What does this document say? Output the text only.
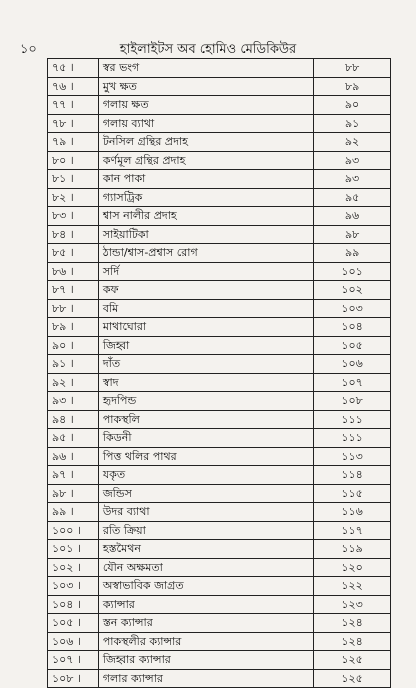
১০	হাইলাইটস অব হোমিও মেডিকিউর
৭৫ ।	স্বর ভংগ	৮৮
৭৬ ।	মুখ ক্ষত	৮৯
৭৭ ।	গলায় ক্ষত	৯০
৭৮ ।	গলায় ব্যাথা	৯১
৭৯ ।	টনসিল গ্রন্থির প্রদাহ	৯২
৮০ ।	কর্ণমূল গ্রন্থির প্রদাহ	৯৩
৮১ ।	কান পাকা	৯৩
৮২ ।	গ্যাসট্রিক	৯৫
৮৩ ।	শ্বাস নালীর প্রদাহ	৯৬
৮৪ ।	সাইয়াটিকা	৯৮
৮৫ ।	ঠান্ডা/শ্বাস-প্রশ্বাস রোগ	৯৯
৮৬ ।	সর্দি	১০১
৮৭ ।	কফ	১০২
৮৮ ।	বমি	১০৩
৮৯ ।	মাথাঘোরা	১০৪
৯০ ।	জিহ্বা	১০৫
৯১ ।	দাঁত	১০৬
৯২ ।	স্বাদ	১০৭
৯৩ ।	হৃদপিন্ড	১০৮
৯৪ ।	পাকস্থলি	১১১
৯৫ ।	কিডনী	১১১
৯৬ ।	পিত্ত থলির পাথর	১১৩
৯৭ ।	যকৃত	১১৪
৯৮ ।	জন্ডিস	১১৫
৯৯ ।	উদর ব্যাথা	১১৬
১০০ ।	রতি ক্রিয়া	১১৭
১০১ ।	হস্তমৈথন	১১৯
১০২ ।	যৌন অক্ষমতা	১২০
১০৩ ।	অস্বাভাবিক জাগ্রত	১২২
১০৪ ।	ক্যান্সার	১২৩
১০৫ ।	স্তন ক্যান্সার	১২৪
১০৬ ।	পাকস্থলীর ক্যান্সার	১২৪
১০৭ ।	জিহ্বার ক্যান্সার	১২৫
১০৮ ।	গলার ক্যান্সার	১২৫
